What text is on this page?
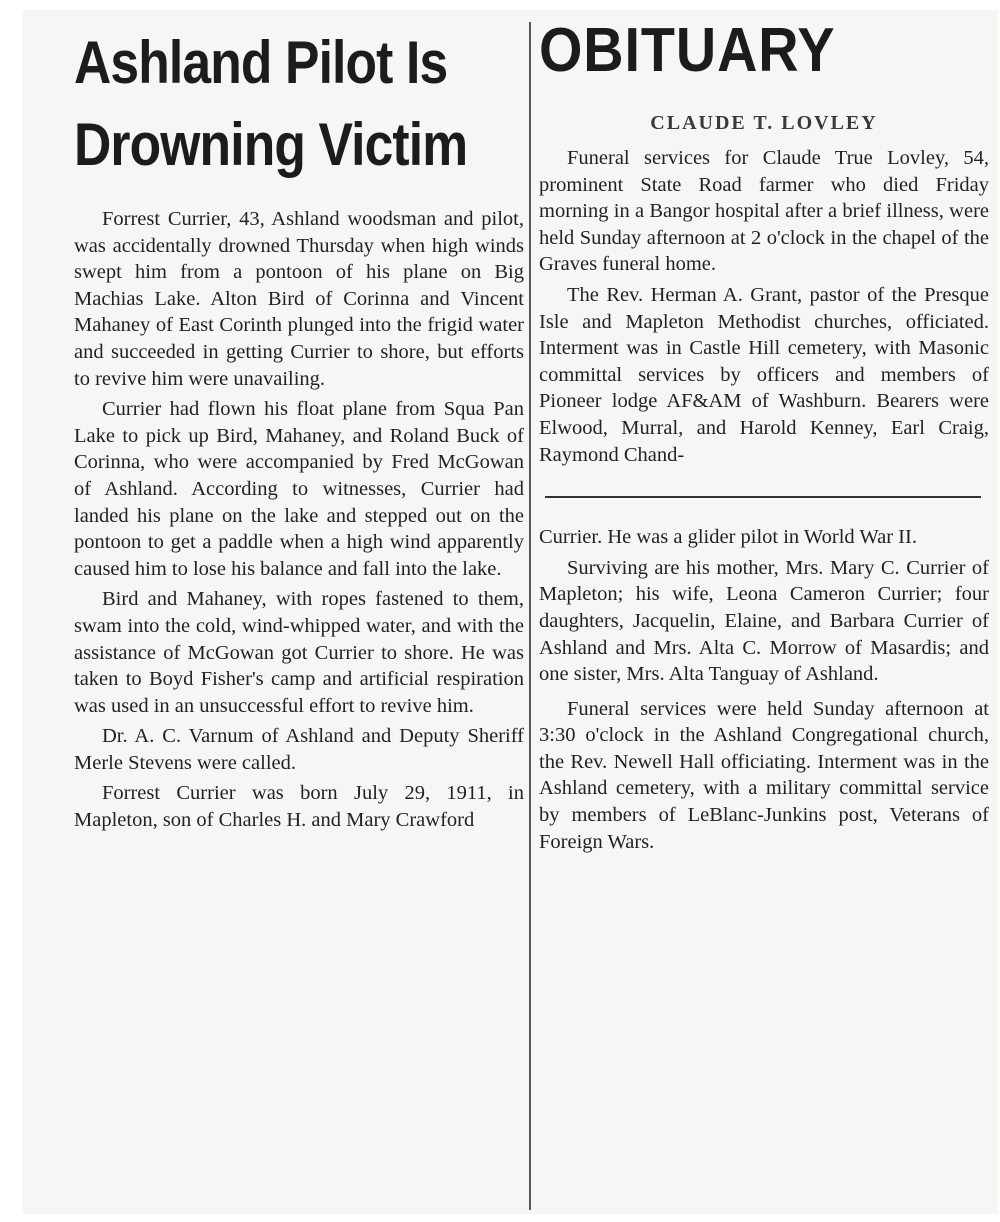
Ashland Pilot Is
Drowning Victim

Forrest Currier, 43, Ashland woodsman and pilot, was accidentally drowned Thursday when high winds swept him from a pontoon of his plane on Big Machias Lake. Alton Bird of Corinna and Vincent Mahaney of East Corinth plunged into the frigid water and succeeded in getting Currier to shore, but efforts to revive him were unavailing.

Currier had flown his float plane from Squa Pan Lake to pick up Bird, Mahaney, and Roland Buck of Corinna, who were accompanied by Fred McGowan of Ashland. According to witnesses, Currier had landed his plane on the lake and stepped out on the pontoon to get a paddle when a high wind apparently caused him to lose his balance and fall into the lake.

Bird and Mahaney, with ropes fastened to them, swam into the cold, wind-whipped water, and with the assistance of McGowan got Currier to shore. He was taken to Boyd Fisher's camp and artificial respiration was used in an unsuccessful effort to revive him.

Dr. A. C. Varnum of Ashland and Deputy Sheriff Merle Stevens were called.

Forrest Currier was born July 29, 1911, in Mapleton, son of Charles H. and Mary Crawford

OBITUARY
CLAUDE T. LOVLEY

Funeral services for Claude True Lovley, 54, prominent State Road farmer who died Friday morning in a Bangor hospital after a brief illness, were held Sunday afternoon at 2 o'clock in the chapel of the Graves funeral home.

The Rev. Herman A. Grant, pastor of the Presque Isle and Mapleton Methodist churches, officiated. Interment was in Castle Hill cemetery, with Masonic committal services by officers and members of Pioneer lodge AF&AM of Washburn. Bearers were Elwood, Murral, and Harold Kenney, Earl Craig, Raymond Chand-

Currier. He was a glider pilot in World War II.

Surviving are his mother, Mrs. Mary C. Currier of Mapleton; his wife, Leona Cameron Currier; four daughters, Jacquelin, Elaine, and Barbara Currier of Ashland and Mrs. Alta C. Morrow of Masardis; and one sister, Mrs. Alta Tanguay of Ashland.

Funeral services were held Sunday afternoon at 3:30 o'clock in the Ashland Congregational church, the Rev. Newell Hall officiating. Interment was in the Ashland cemetery, with a military committal service by members of LeBlanc-Junkins post, Veterans of Foreign Wars.
